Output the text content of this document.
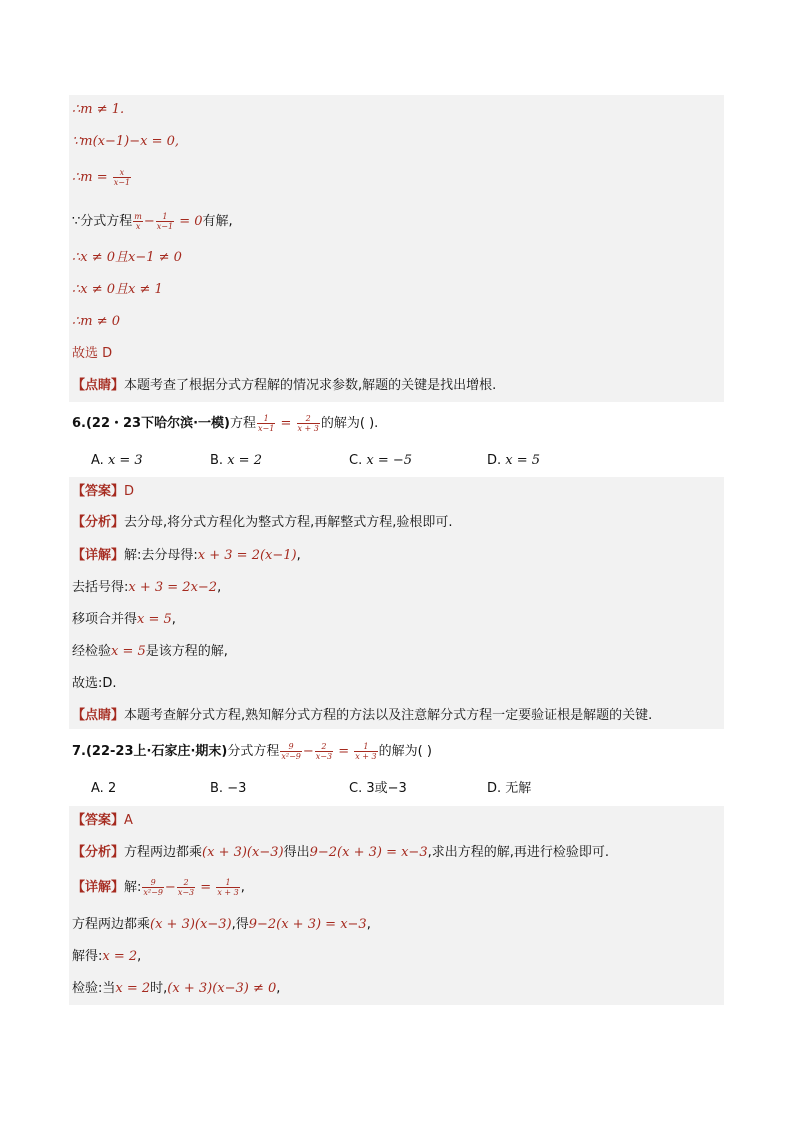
∴m ≠ 1.
∵m(x−1)−x = 0,
∴m = $\frac{x}{x-1}$
∵分式方程 $\frac{m}{x} - \frac{1}{x-1} = 0$有解,
∴x ≠ 0且x−1 ≠ 0
∴x ≠ 0且x ≠ 1
∴m ≠ 0
故选 D
【点睛】本题考查了根据分式方程解的情况求参数,解题的关键是找出增根.
6.(22・23下哈尔滨·一模)方程 $\frac{1}{x-1} = \frac{2}{x + 3}$ 的解为( ).
A. x = 3	B. x = 2	C. x = −5	D. x = 5
【答案】D
【分析】去分母,将分式方程化为整式方程,再解整式方程,验根即可.
【详解】解:去分母得:x + 3 = 2(x−1),
去括号得:x + 3 = 2x−2,
移项合并得x = 5,
经检验x = 5是该方程的解,
故选:D.
【点睛】本题考查解分式方程,熟知解分式方程的方法以及注意解分式方程一定要验证根是解题的关键.
7.(22-23上·石家庄·期末)分式方程 $\frac{9}{\text{x²−9}} - \frac{2}{x-3} = \frac{1}{x + 3}$ 的解为( )
A. 2	B. −3	C. 3或−3	D. 无解
【答案】A
【分析】方程两边都乘(x + 3)(x−3)得出9−2(x + 3) = x−3,求出方程的解,再进行检验即可.
【详解】解: $\frac{9}{\text{x²−9}} - \frac{2}{x-3} = \frac{1}{x + 3}$ ,
方程两边都乘(x + 3)(x−3),得9−2(x + 3) = x−3,
解得:x = 2,
检验:当x = 2时,(x + 3)(x−3) ≠ 0,
